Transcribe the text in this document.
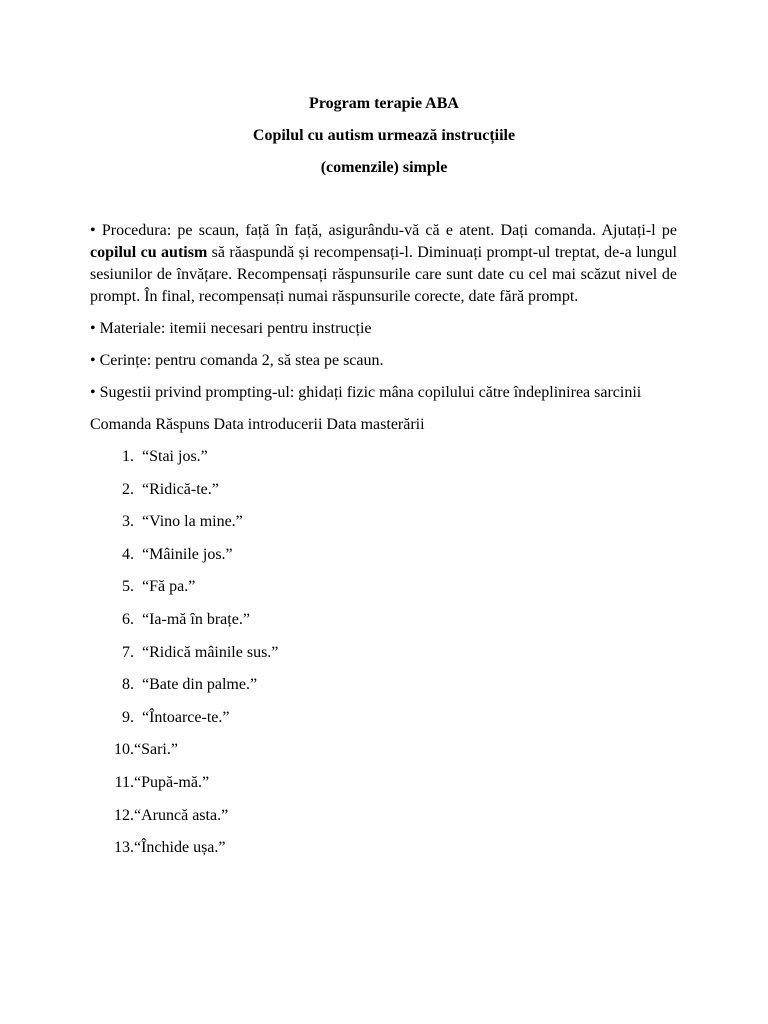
Program terapie ABA

Copilul cu autism urmează instrucțiile

(comenzile) simple

• Procedura: pe scaun, față în față, asigurându-vă că e atent. Dați comanda. Ajutați-l pe copilul cu autism să răaspundă și recompensați-l. Diminuați prompt-ul treptat, de-a lungul sesiunilor de învățare. Recompensați răspunsurile care sunt date cu cel mai scăzut nivel de prompt. În final, recompensați numai răspunsurile corecte, date fără prompt.

• Materiale: itemii necesari pentru instrucție

• Cerințe: pentru comanda 2, să stea pe scaun.

• Sugestii privind prompting-ul: ghidați fizic mâna copilului către îndeplinirea sarcinii

Comanda Răspuns Data introducerii Data masterării

1. “Stai jos.”
2. “Ridică-te.”
3. “Vino la mine.”
4. “Mâinile jos.”
5. “Fă pa.”
6. “Ia-mă în brațe.”
7. “Ridică mâinile sus.”
8. “Bate din palme.”
9. “Întoarce-te.”
10.“Sari.”
11.“Pupă-mă.”
12.“Aruncă asta.”
13.“Închide ușa.”
